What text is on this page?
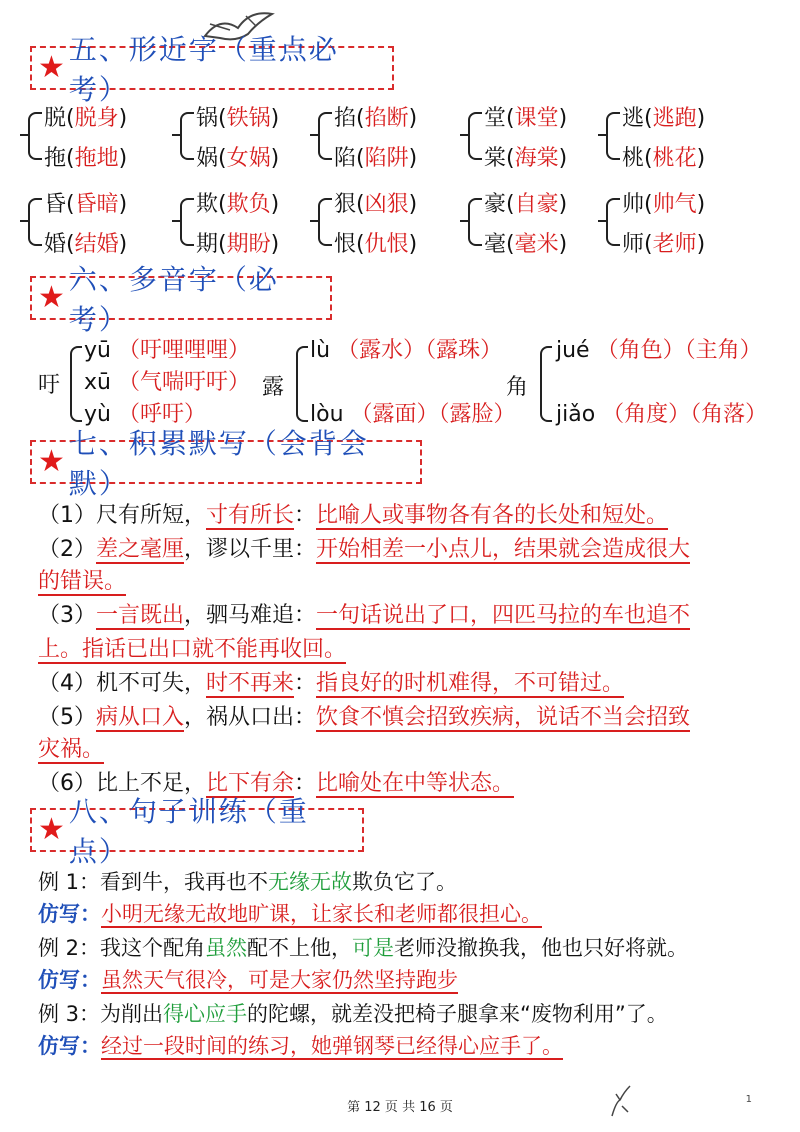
★
五、形近字（重点必考）
脱(脱身)
拖(拖地)
锅(铁锅)
娲(女娲)
掐(掐断)
陷(陷阱)
堂(课堂)
棠(海棠)
逃(逃跑)
桃(桃花)
昏(昏暗)
婚(结婚)
欺(欺负)
期(期盼)
狠(凶狠)
恨(仇恨)
豪(自豪)
毫(毫米)
帅(帅气)
师(老师)
★
六、多音字（必考）
吁
yū （吁哩哩哩）
xū （气喘吁吁）
yù （呼吁）
露
lù （露水）（露珠）
lòu （露面）（露脸）
角
jué （角色）（主角）
jiǎo （角度）（角落）
★
七、积累默写（会背会默）
（1）尺有所短，寸有所长：比喻人或事物各有各的长处和短处。
（2）差之毫厘，谬以千里：开始相差一小点儿，结果就会造成很大
的错误。
（3）一言既出，驷马难追：一句话说出了口，四匹马拉的车也追不
上。指话已出口就不能再收回。
（4）机不可失，时不再来：指良好的时机难得，不可错过。
（5）病从口入，祸从口出：饮食不慎会招致疾病，说话不当会招致
灾祸。
（6）比上不足，比下有余：比喻处在中等状态。
★
八、句子训练（重点）
例 1：看到牛，我再也不无缘无故欺负它了。
仿写：小明无缘无故地旷课，让家长和老师都很担心。
例 2：我这个配角虽然配不上他，可是老师没撤换我，他也只好将就。
仿写：虽然天气很冷，可是大家仍然坚持跑步
例 3：为削出得心应手的陀螺，就差没把椅子腿拿来“废物利用”了。
仿写：经过一段时间的练习，她弹钢琴已经得心应手了。
第 12 页 共 16 页
1
